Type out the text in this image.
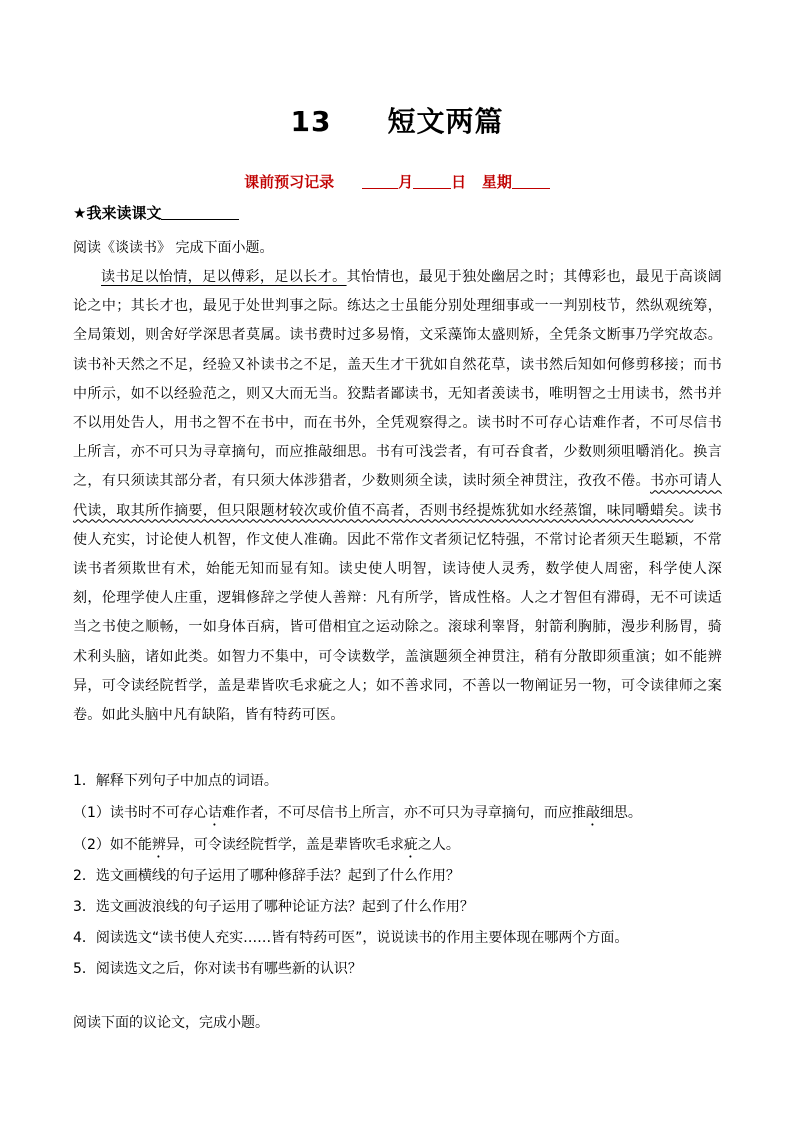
13 短文两篇
课前预习记录	月	日 星期
★我来读课文
阅读《谈读书》 完成下面小题。
读书足以怡情，足以傅彩，足以长才。其怡情也，最见于独处幽居之时；其傅彩也，最见于高谈阔论之中；其长才也，最见于处世判事之际。练达之士虽能分别处理细事或一一判别枝节，然纵观统筹，全局策划，则舍好学深思者莫属。读书费时过多易惰，文采藻饰太盛则矫，全凭条文断事乃学究故态。读书补天然之不足，经验又补读书之不足，盖天生才干犹如自然花草，读书然后知如何修剪移接；而书中所示，如不以经验范之，则又大而无当。狡黠者鄙读书，无知者羡读书，唯明智之士用读书，然书并不以用处告人，用书之智不在书中，而在书外，全凭观察得之。读书时不可存心诘难作者，不可尽信书上所言，亦不可只为寻章摘句，而应推敲细思。书有可浅尝者，有可吞食者，少数则须咀嚼消化。换言之，有只须读其部分者，有只须大体涉猎者，少数则须全读，读时须全神贯注，孜孜不倦。书亦可请人代读，取其所作摘要，但只限题材较次或价值不高者，否则书经提炼犹如水经蒸馏，味同嚼蜡矣。读书使人充实，讨论使人机智，作文使人准确。因此不常作文者须记忆特强，不常讨论者须天生聪颖，不常读书者须欺世有术，始能无知而显有知。读史使人明智，读诗使人灵秀，数学使人周密，科学使人深刻，伦理学使人庄重，逻辑修辞之学使人善辩：凡有所学，皆成性格。人之才智但有滞碍，无不可读适当之书使之顺畅，一如身体百病，皆可借相宜之运动除之。滚球利睾肾，射箭利胸肺，漫步利肠胃，骑术利头脑，诸如此类。如智力不集中，可令读数学，盖演题须全神贯注，稍有分散即须重演；如不能辨异，可令读经院哲学，盖是辈皆吹毛求疵之人；如不善求同，不善以一物阐证另一物，可令读律师之案卷。如此头脑中凡有缺陷，皆有特药可医。
1．解释下列句子中加点的词语。
（1）读书时不可存心诘难作者，不可尽信书上所言，亦不可只为寻章摘句，而应推敲细思。
（2）如不能辨异，可令读经院哲学，盖是辈皆吹毛求疵之人。
2．选文画横线的句子运用了哪种修辞手法？起到了什么作用？
3．选文画波浪线的句子运用了哪种论证方法？起到了什么作用？
4．阅读选文“读书使人充实……皆有特药可医”，说说读书的作用主要体现在哪两个方面。
5．阅读选文之后，你对读书有哪些新的认识？
阅读下面的议论文，完成小题。
